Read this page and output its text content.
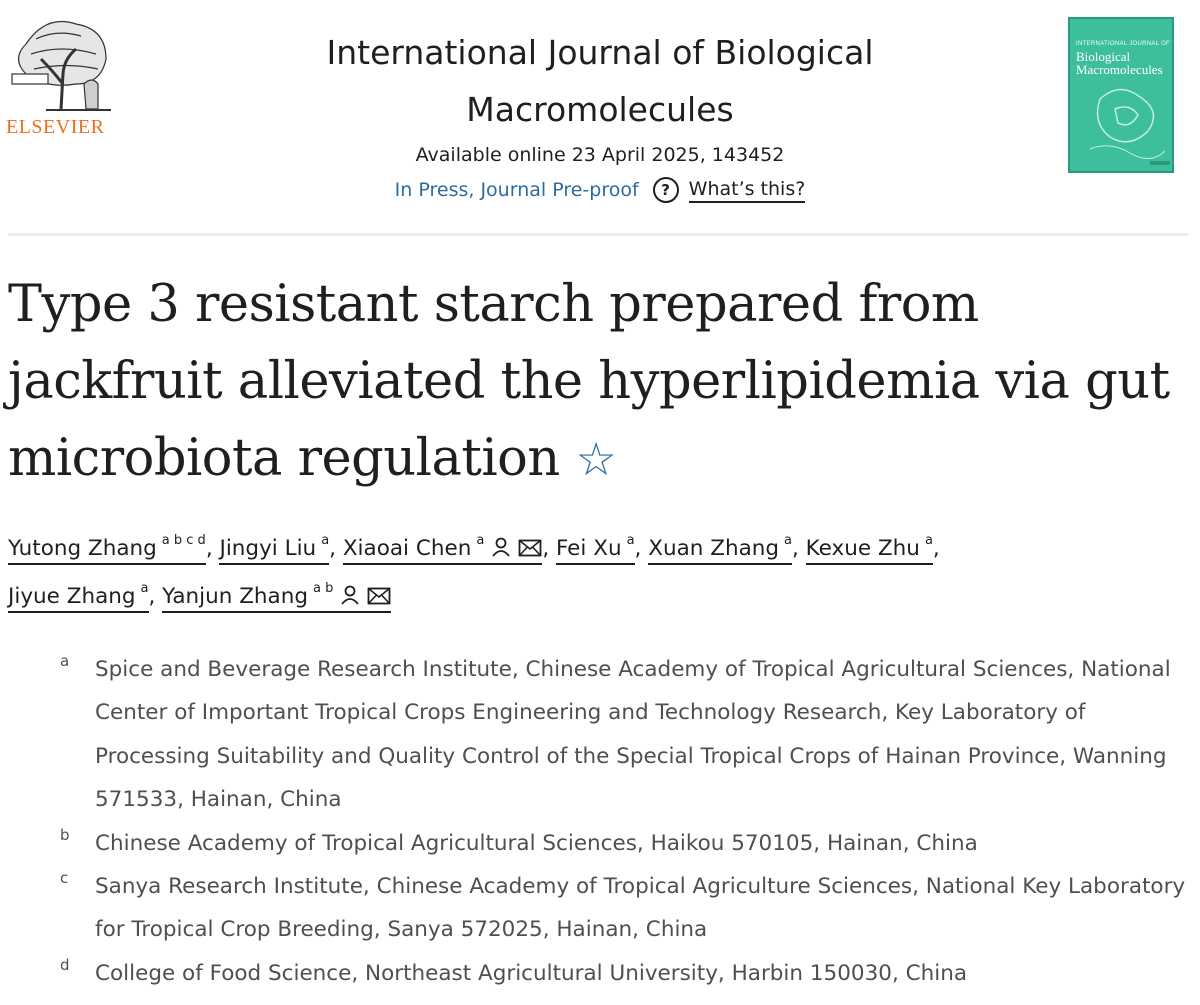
ELSEVIER
International Journal of Biological Macromolecules
Available online 23 April 2025, 143452
In Press, Journal Pre-proof	? What’s this?
INTERNATIONAL JOURNAL OF
Biological Macromolecules
Type 3 resistant starch prepared from jackfruit alleviated the hyperlipidemia via gut microbiota regulation ☆
Yutong Zhang $^{a b c d}$, Jingyi Liu $^a$, Xiaoai Chen $^a$	, Fei Xu $^a$, Xuan Zhang $^a$, Kexue Zhu $^a$,
Jiyue Zhang $^a$, Yanjun Zhang $^{a b}$
a Spice and Beverage Research Institute, Chinese Academy of Tropical Agricultural Sciences, National Center of Important Tropical Crops Engineering and Technology Research, Key Laboratory of Processing Suitability and Quality Control of the Special Tropical Crops of Hainan Province, Wanning 571533, Hainan, China
b Chinese Academy of Tropical Agricultural Sciences, Haikou 570105, Hainan, China
c Sanya Research Institute, Chinese Academy of Tropical Agriculture Sciences, National Key Laboratory for Tropical Crop Breeding, Sanya 572025, Hainan, China
d College of Food Science, Northeast Agricultural University, Harbin 150030, China
